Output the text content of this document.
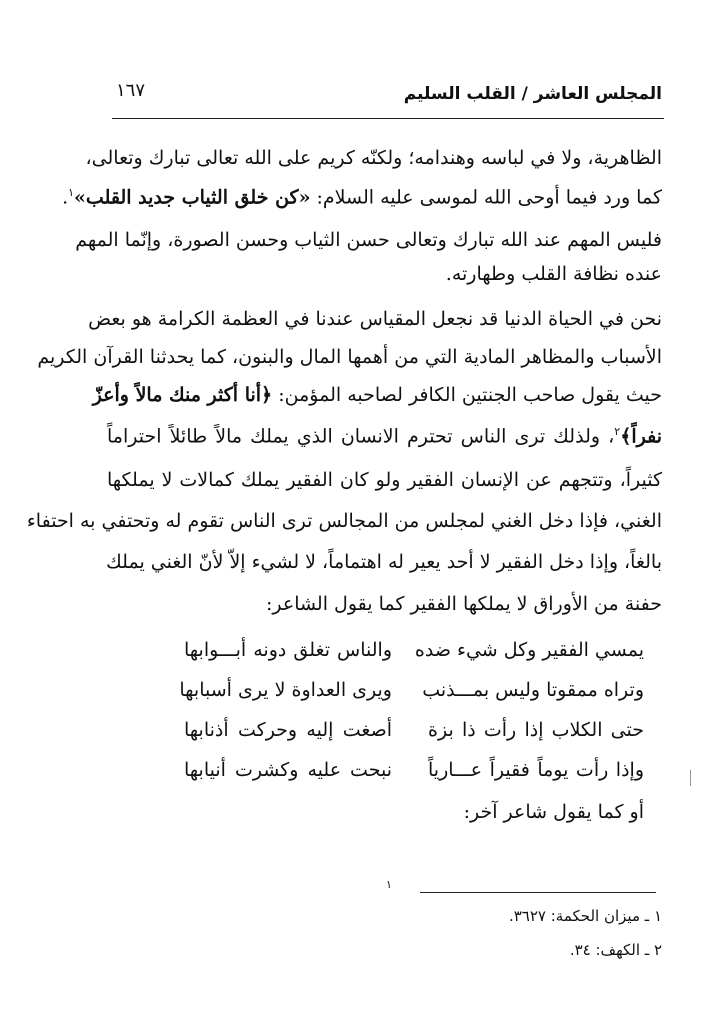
المجلس العاشر / القلب السليم
١٦٧
الظاهرية، ولا في لباسه وهندامه؛ ولكنّه كريم على الله تعالى تبارك وتعالى،
كما ورد فيما أوحى الله لموسى عليه السلام: «كن خلق الثياب جديد القلب»$^١$.
فليس المهم عند الله تبارك وتعالى حسن الثياب وحسن الصورة، وإنّما المهم
عنده نظافة القلب وطهارته.
نحن في الحياة الدنيا قد نجعل المقياس عندنا في العظمة الكرامة هو بعض
الأسباب والمظاهر المادية التي من أهمها المال والبنون، كما يحدثنا القرآن الكريم
حيث يقول صاحب الجنتين الكافر لصاحبه المؤمن: ﴿أنا أكثر منك مالاً وأعزّ
نفراً﴾$^٢$، ولذلك ترى الناس تحترم الانسان الذي يملك مالاً طائلاً احتراماً
كثيراً، وتتجهم عن الإنسان الفقير ولو كان الفقير يملك كمالات لا يملكها
الغني، فإذا دخل الغني لمجلس من المجالس ترى الناس تقوم له وتحتفي به احتفاء
بالغاً، وإذا دخل الفقير لا أحد يعير له اهتماماً، لا لشيء إلاّ لأنّ الغني يملك
حفنة من الأوراق لا يملكها الفقير كما يقول الشاعر:
يمسي الفقير وكل شيء ضده
والناس تغلق دونه أبـــوابها
وتراه ممقوتا وليس بمـــذنب
ويرى العداوة لا يرى أسبابها
حتى الكلاب إذا رأت ذا بزة
أصغت إليه وحركت أذنابها
وإذا رأت يوماً فقيراً عـــارياً
نبحت عليه وكشرت أنيابها
أو كما يقول شاعر آخر:
١
١ ـ ميزان الحكمة: ٣٦٢٧.
٢ ـ الكهف: ٣٤.
